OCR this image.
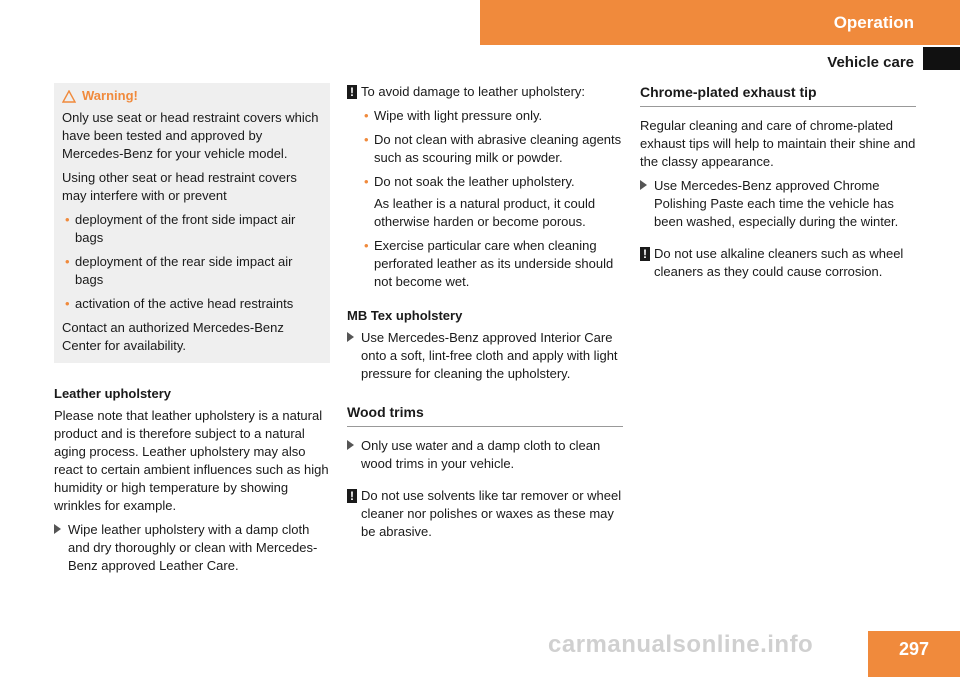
Operation
Vehicle care
Warning!

Only use seat or head restraint covers which have been tested and approved by Mercedes-Benz for your vehicle model.

Using other seat or head restraint covers may interfere with or prevent

• deployment of the front side impact air bags
• deployment of the rear side impact air bags
• activation of the active head restraints

Contact an authorized Mercedes-Benz Center for availability.

Leather upholstery

Please note that leather upholstery is a natural product and is therefore subject to a natural aging process. Leather upholstery may also react to certain ambient influences such as high humidity or high temperature by showing wrinkles for example.

Wipe leather upholstery with a damp cloth and dry thoroughly or clean with Mercedes-Benz approved Leather Care.
! To avoid damage to leather upholstery:
• Wipe with light pressure only.
• Do not clean with abrasive cleaning agents such as scouring milk or powder.
• Do not soak the leather upholstery.

As leather is a natural product, it could otherwise harden or become porous.

• Exercise particular care when cleaning perforated leather as its underside should not become wet.
MB Tex upholstery
Use Mercedes-Benz approved Interior Care onto a soft, lint-free cloth and apply with light pressure for cleaning the upholstery.
Wood trims
Only use water and a damp cloth to clean wood trims in your vehicle.
! Do not use solvents like tar remover or wheel cleaner nor polishes or waxes as these may be abrasive.
Chrome-plated exhaust tip

Regular cleaning and care of chrome-plated exhaust tips will help to maintain their shine and the classy appearance.

Use Mercedes-Benz approved Chrome Polishing Paste each time the vehicle has been washed, especially during the winter.
! Do not use alkaline cleaners such as wheel cleaners as they could cause corrosion.
carmanualsonline.info	297
